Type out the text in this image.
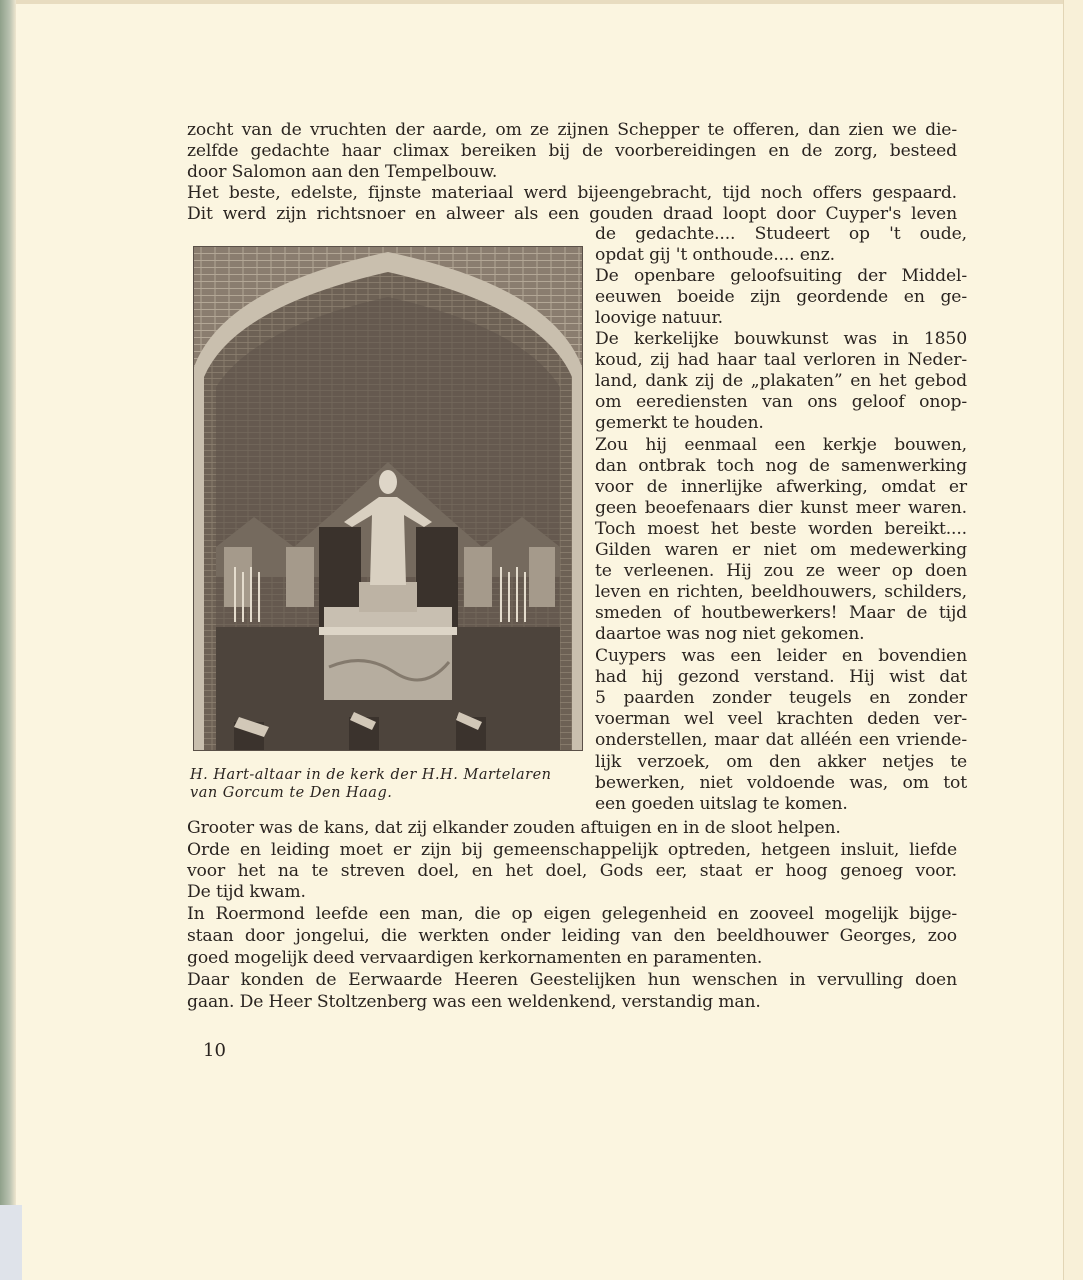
zocht van de vruchten der aarde, om ze zijnen Schepper te offeren, dan zien we die-
zelfde gedachte haar climax bereiken bij de voorbereidingen en de zorg, besteed
door Salomon aan den Tempelbouw.
Het beste, edelste, fijnste materiaal werd bijeengebracht, tijd noch offers gespaard.
Dit werd zijn richtsnoer en alweer als een gouden draad loopt door Cuyper's leven
de gedachte.... Studeert op 't oude,
opdat gij 't onthoude.... enz.
De openbare geloofsuiting der Middel-
eeuwen boeide zijn geordende en ge-
loovige natuur.
De kerkelijke bouwkunst was in 1850
koud, zij had haar taal verloren in Neder-
land, dank zij de „plakaten” en het gebod
om eerediensten van ons geloof onop-
gemerkt te houden.
Zou hij eenmaal een kerkje bouwen,
dan ontbrak toch nog de samenwerking
voor de innerlijke afwerking, omdat er
geen beoefenaars dier kunst meer waren.
Toch moest het beste worden bereikt....
Gilden waren er niet om medewerking
te verleenen. Hij zou ze weer op doen
leven en richten, beeldhouwers, schilders,
smeden of houtbewerkers! Maar de tijd
daartoe was nog niet gekomen.
Cuypers was een leider en bovendien
had hij gezond verstand. Hij wist dat
5 paarden zonder teugels en zonder
voerman wel veel krachten deden ver-
onderstellen, maar dat alléén een vriende-
lijk verzoek, om den akker netjes te
bewerken, niet voldoende was, om tot
een goeden uitslag te komen.
H. Hart-altaar in de kerk der H.H. Martelaren
van Gorcum te Den Haag.
Grooter was de kans, dat zij elkander zouden aftuigen en in de sloot helpen.
Orde en leiding moet er zijn bij gemeenschappelijk optreden, hetgeen insluit, liefde
voor het na te streven doel, en het doel, Gods eer, staat er hoog genoeg voor.
De tijd kwam.
In Roermond leefde een man, die op eigen gelegenheid en zooveel mogelijk bijge-
staan door jongelui, die werkten onder leiding van den beeldhouwer Georges, zoo
goed mogelijk deed vervaardigen kerkornamenten en paramenten.
Daar konden de Eerwaarde Heeren Geestelijken hun wenschen in vervulling doen
gaan. De Heer Stoltzenberg was een weldenkend, verstandig man.
10
